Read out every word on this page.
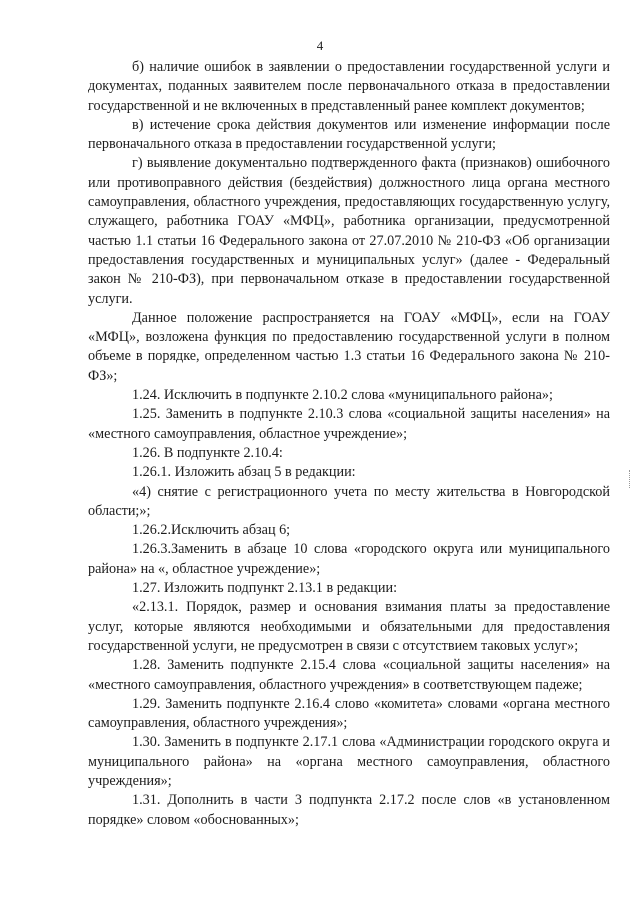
4

б) наличие ошибок в заявлении о предоставлении государственной услуги и документах, поданных заявителем после первоначального отказа в предоставлении государственной и не включенных в представленный ранее комплект документов;

в) истечение срока действия документов или изменение информации после первоначального отказа в предоставлении государственной услуги;

г) выявление документально подтвержденного факта (признаков) ошибочного или противоправного действия (бездействия) должностного лица органа местного самоуправления, областного учреждения, предоставляющих государственную услугу, служащего, работника ГОАУ «МФЦ», работника организации, предусмотренной частью 1.1 статьи 16 Федерального закона от 27.07.2010 № 210-ФЗ «Об организации предоставления государственных и муниципальных услуг» (далее - Федеральный закон № 210-ФЗ), при первоначальном отказе в предоставлении государственной услуги.

Данное положение распространяется на ГОАУ «МФЦ», если на ГОАУ «МФЦ», возложена функция по предоставлению государственной услуги в полном объеме в порядке, определенном частью 1.3 статьи 16 Федерального закона № 210-ФЗ»;

1.24. Исключить в подпункте 2.10.2 слова «муниципального района»;

1.25. Заменить в подпункте 2.10.3 слова «социальной защиты населения» на «местного самоуправления, областное учреждение»;

1.26. В подпункте 2.10.4:

1.26.1. Изложить абзац 5 в редакции:

«4) снятие с регистрационного учета по месту жительства в Новгородской области;»;

1.26.2.Исключить абзац 6;

1.26.3.Заменить в абзаце 10 слова «городского округа или муниципального района» на «, областное учреждение»;

1.27. Изложить подпункт 2.13.1 в редакции:

«2.13.1. Порядок, размер и основания взимания платы за предоставление услуг, которые являются необходимыми и обязательными для предоставления государственной услуги, не предусмотрен в связи с отсутствием таковых услуг»;

1.28. Заменить подпункте 2.15.4 слова «социальной защиты населения» на «местного самоуправления, областного учреждения» в соответствующем падеже;

1.29. Заменить подпункте 2.16.4 слово «комитета» словами «органа местного самоуправления, областного учреждения»;

1.30. Заменить в подпункте 2.17.1 слова «Администрации городского округа и муниципального района» на «органа местного самоуправления, областного учреждения»;

1.31. Дополнить в части 3 подпункта 2.17.2 после слов «в установленном порядке» словом «обоснованных»;
